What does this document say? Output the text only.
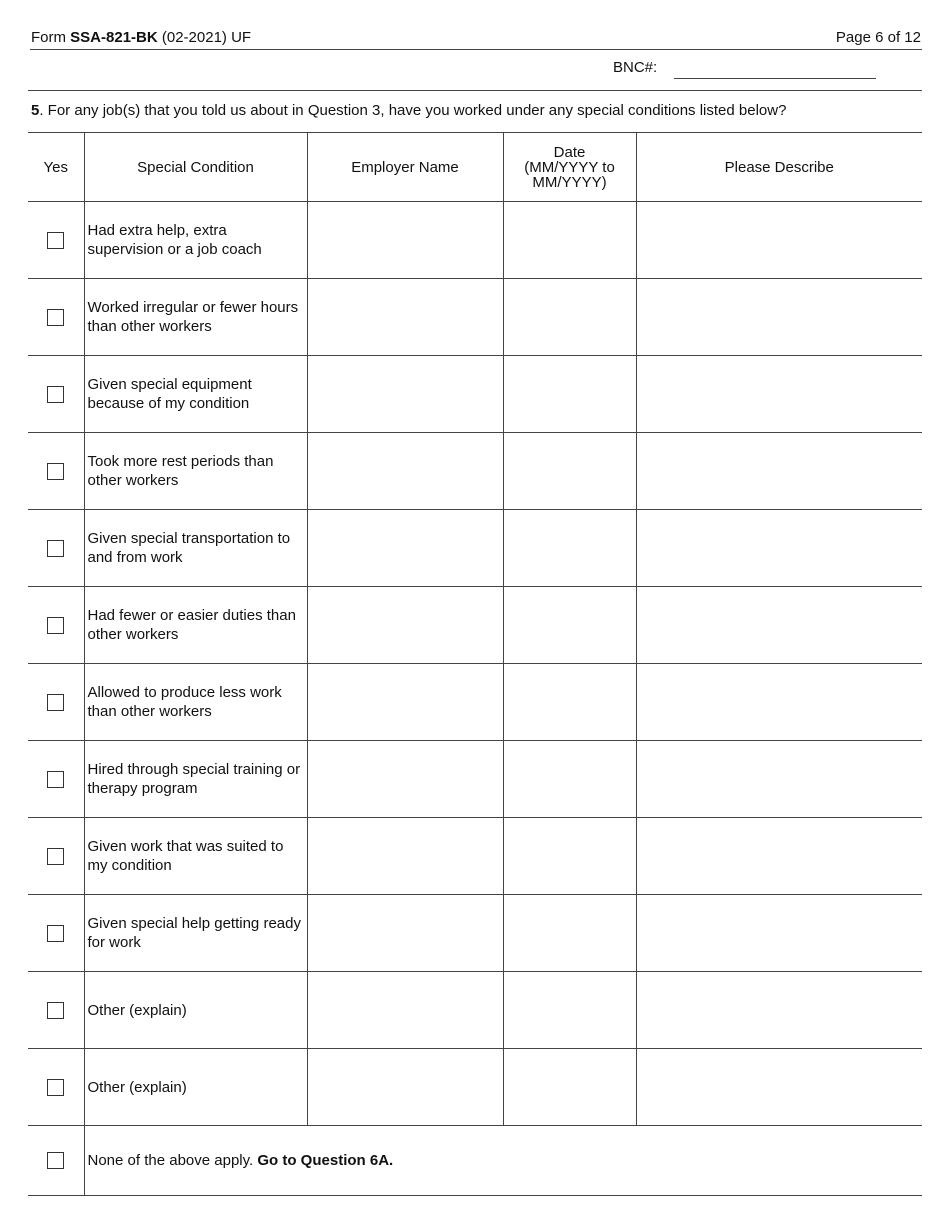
Form SSA-821-BK (02-2021) UF	Page 6 of 12
BNC#:
5. For any job(s) that you told us about in Question 3, have you worked under any special conditions listed below?
Yes	Special Condition	Employer Name	Date (MM/YYYY to MM/YYYY)	Please Describe
	Had extra help, extra supervision or a job coach			
	Worked irregular or fewer hours than other workers			
	Given special equipment because of my condition			
	Took more rest periods than other workers			
	Given special transportation to and from work			
	Had fewer or easier duties than other workers			
	Allowed to produce less work than other workers			
	Hired through special training or therapy program			
	Given work that was suited to my condition			
	Given special help getting ready for work			
	Other (explain)			
	Other (explain)			
	None of the above apply. Go to Question 6A.			
